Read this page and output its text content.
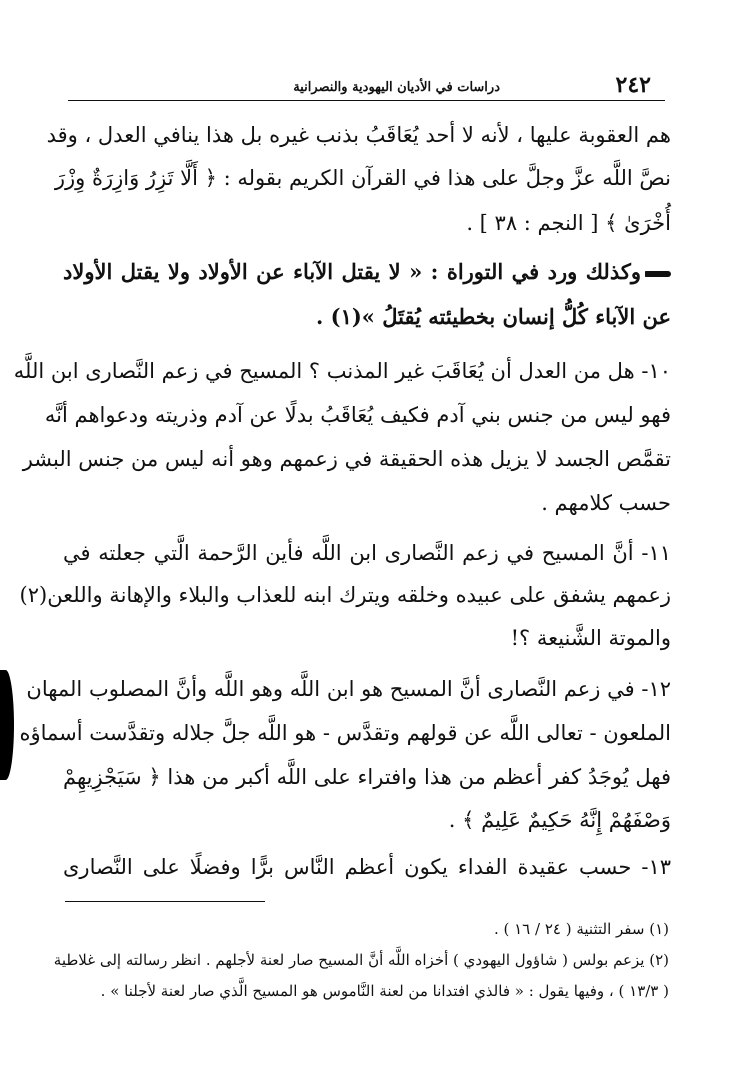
٢٤٢
دراسات في الأديان اليهودية والنصرانية
هم العقوبة عليها ، لأنه لا أحد يُعَاقَبُ بذنب غيره بل هذا ينافي العدل ، وقد
نصَّ اللَّه عزَّ وجلَّ على هذا في القرآن الكريم بقوله : ﴿ أَلَّا تَزِرُ وَازِرَةٌ وِزْرَ
أُخْرَىٰ ﴾ [ النجم : ٣٨ ] .
وكذلك ورد في التوراة : « لا يقتل الآباء عن الأولاد ولا يقتل الأولاد
عن الآباء كُلُّ إنسان بخطيئته يُقتَلُ »(١) .
١٠- هل من العدل أن يُعَاقَبَ غير المذنب ؟ المسيح في زعم النَّصارى ابن اللَّه
فهو ليس من جنس بني آدم فكيف يُعَاقَبُ بدلًا عن آدم وذريته ودعواهم أنَّه
تقمَّص الجسد لا يزيل هذه الحقيقة في زعمهم وهو أنه ليس من جنس البشر
حسب كلامهم .
١١- أنَّ المسيح في زعم النَّصارى ابن اللَّه فأين الرَّحمة الَّتي جعلته في
زعمهم يشفق على عبيده وخلقه ويترك ابنه للعذاب والبلاء والإهانة واللعن(٢)
والموتة الشَّنيعة ؟!
١٢- في زعم النَّصارى أنَّ المسيح هو ابن اللَّه وهو اللَّه وأنَّ المصلوب المهان
الملعون - تعالى اللَّه عن قولهم وتقدَّس - هو اللَّه جلَّ جلاله وتقدَّست أسماؤه
فهل يُوجَدُ كفر أعظم من هذا وافتراء على اللَّه أكبر من هذا ﴿ سَيَجْزِيهِمْ
وَصْفَهُمْ إِنَّهُ حَكِيمٌ عَلِيمٌ ﴾ .
١٣- حسب عقيدة الفداء يكون أعظم النَّاس برًّا وفضلًا على النَّصارى
(١) سفر التثنية ( ٢٤ / ١٦ ) .
(٢) يزعم بولس ( شاؤول اليهودي ) أخزاه اللَّه أنَّ المسيح صار لعنة لأجلهم . انظر رسالته إلى غلاطية
( ١٣/٣ ) ، وفيها يقول : « فالذي افتدانا من لعنة النَّاموس هو المسيح الَّذي صار لعنة لأجلنا » .
